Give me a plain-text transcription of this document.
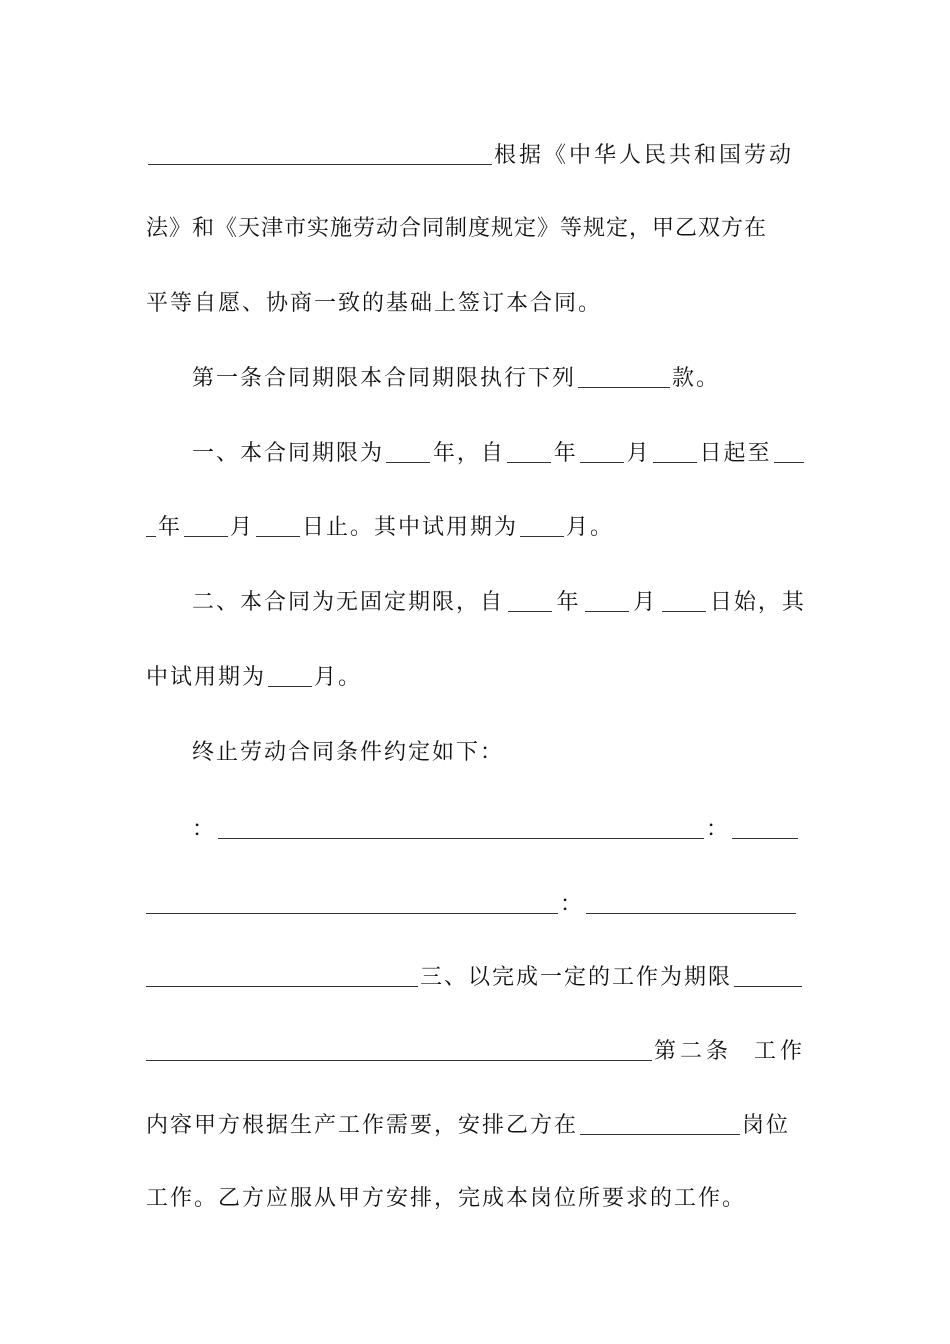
根据《中华人民共和国劳动
法》和《天津市实施劳动合同制度规定》等规定，甲乙双方在
平等自愿、协商一致的基础上签订本合同。
第一条合同期限本合同期限执行下列	款。
一、本合同期限为 年，自 年 月 日起至
年 月 日止。其中试用期为 月。
二、本合同为无固定期限，自 年 月 日始，其
中试用期为 月。
终止劳动合同条件约定如下：
：	：
：
三、以完成一定的工作为期限
第二条  工作
内容甲方根据生产工作需要，安排乙方在	岗位
工作。乙方应服从甲方安排，完成本岗位所要求的工作。
